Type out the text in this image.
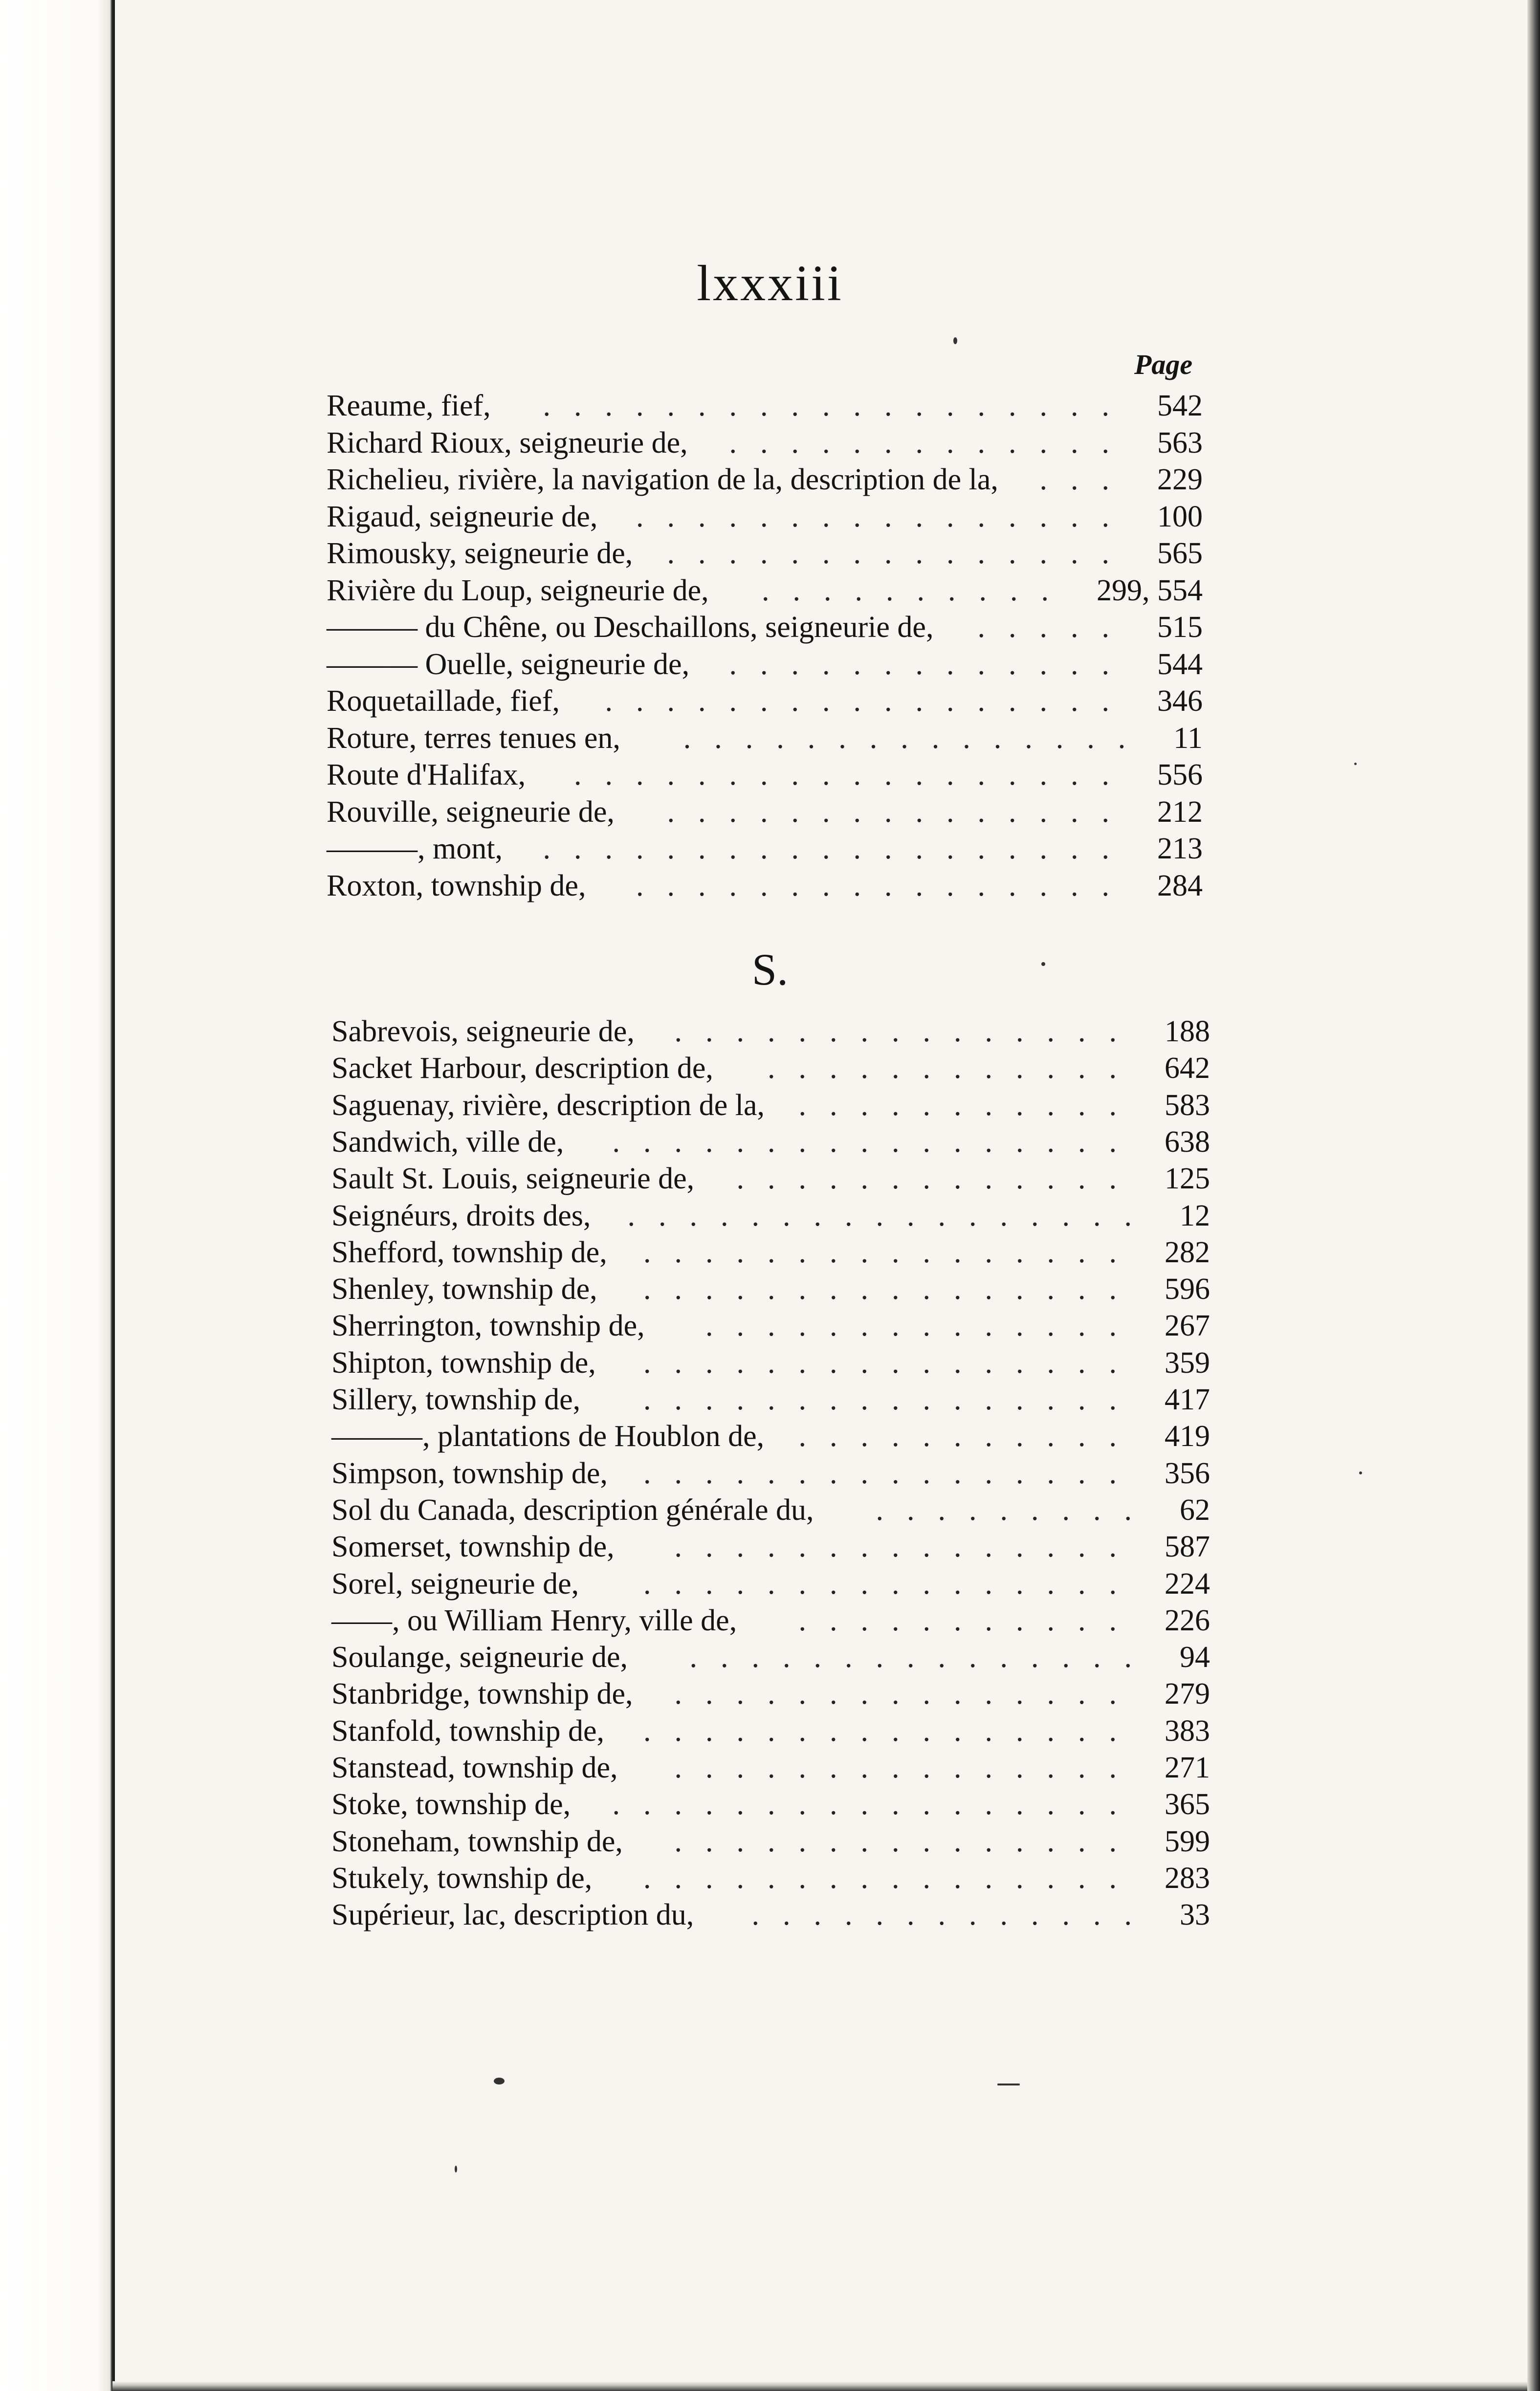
lxxxiii
Page
Reaume, fief,	542
...................
Richard Rioux, seigneurie de,	563
.............
Richelieu, rivière, la navigation de la, description de la,	229
...
Rigaud, seigneurie de,	100
................
Rimousky, seigneurie de,	565
...............
Rivière du Loup, seigneurie de,	299, 554
..........
——— du Chêne, ou Deschaillons, seigneurie de,	515
.....
——— Ouelle, seigneurie de,	544
.............
Roquetaillade, fief,	346
.................
Roture, terres tenues en,	11
...............
Route d'Halifax,	556
..................
Rouville, seigneurie de,	212
...............
———, mont,	213
...................
Roxton, township de,	284
................
S.
Sabrevois, seigneurie de,	188
...............
Sacket Harbour, description de,	642
............
Saguenay, rivière, description de la,	583
...........
Sandwich, ville de,	638
.................
Sault St. Louis, seigneurie de,	125
.............
Seignéurs, droits des,	12
.................
Shefford, township de,	282
................
Shenley, township de,	596
................
Sherrington, township de,	267
..............
Shipton, township de,	359
................
Sillery, township de,	417
................
———, plantations de Houblon de,	419
...........
Simpson, township de,	356
................
Sol du Canada, description générale du,	62
.........
Somerset, township de,	587
...............
Sorel, seigneurie de,	224
................
——, ou William Henry, ville de,	226
...........
Soulange, seigneurie de,	94
...............
Stanbridge, township de,	279
...............
Stanfold, township de,	383
................
Stanstead, township de,	271
...............
Stoke, township de,	365
.................
Stoneham, township de,	599
...............
Stukely, township de,	283
................
Supérieur, lac, description du,	33
.............
